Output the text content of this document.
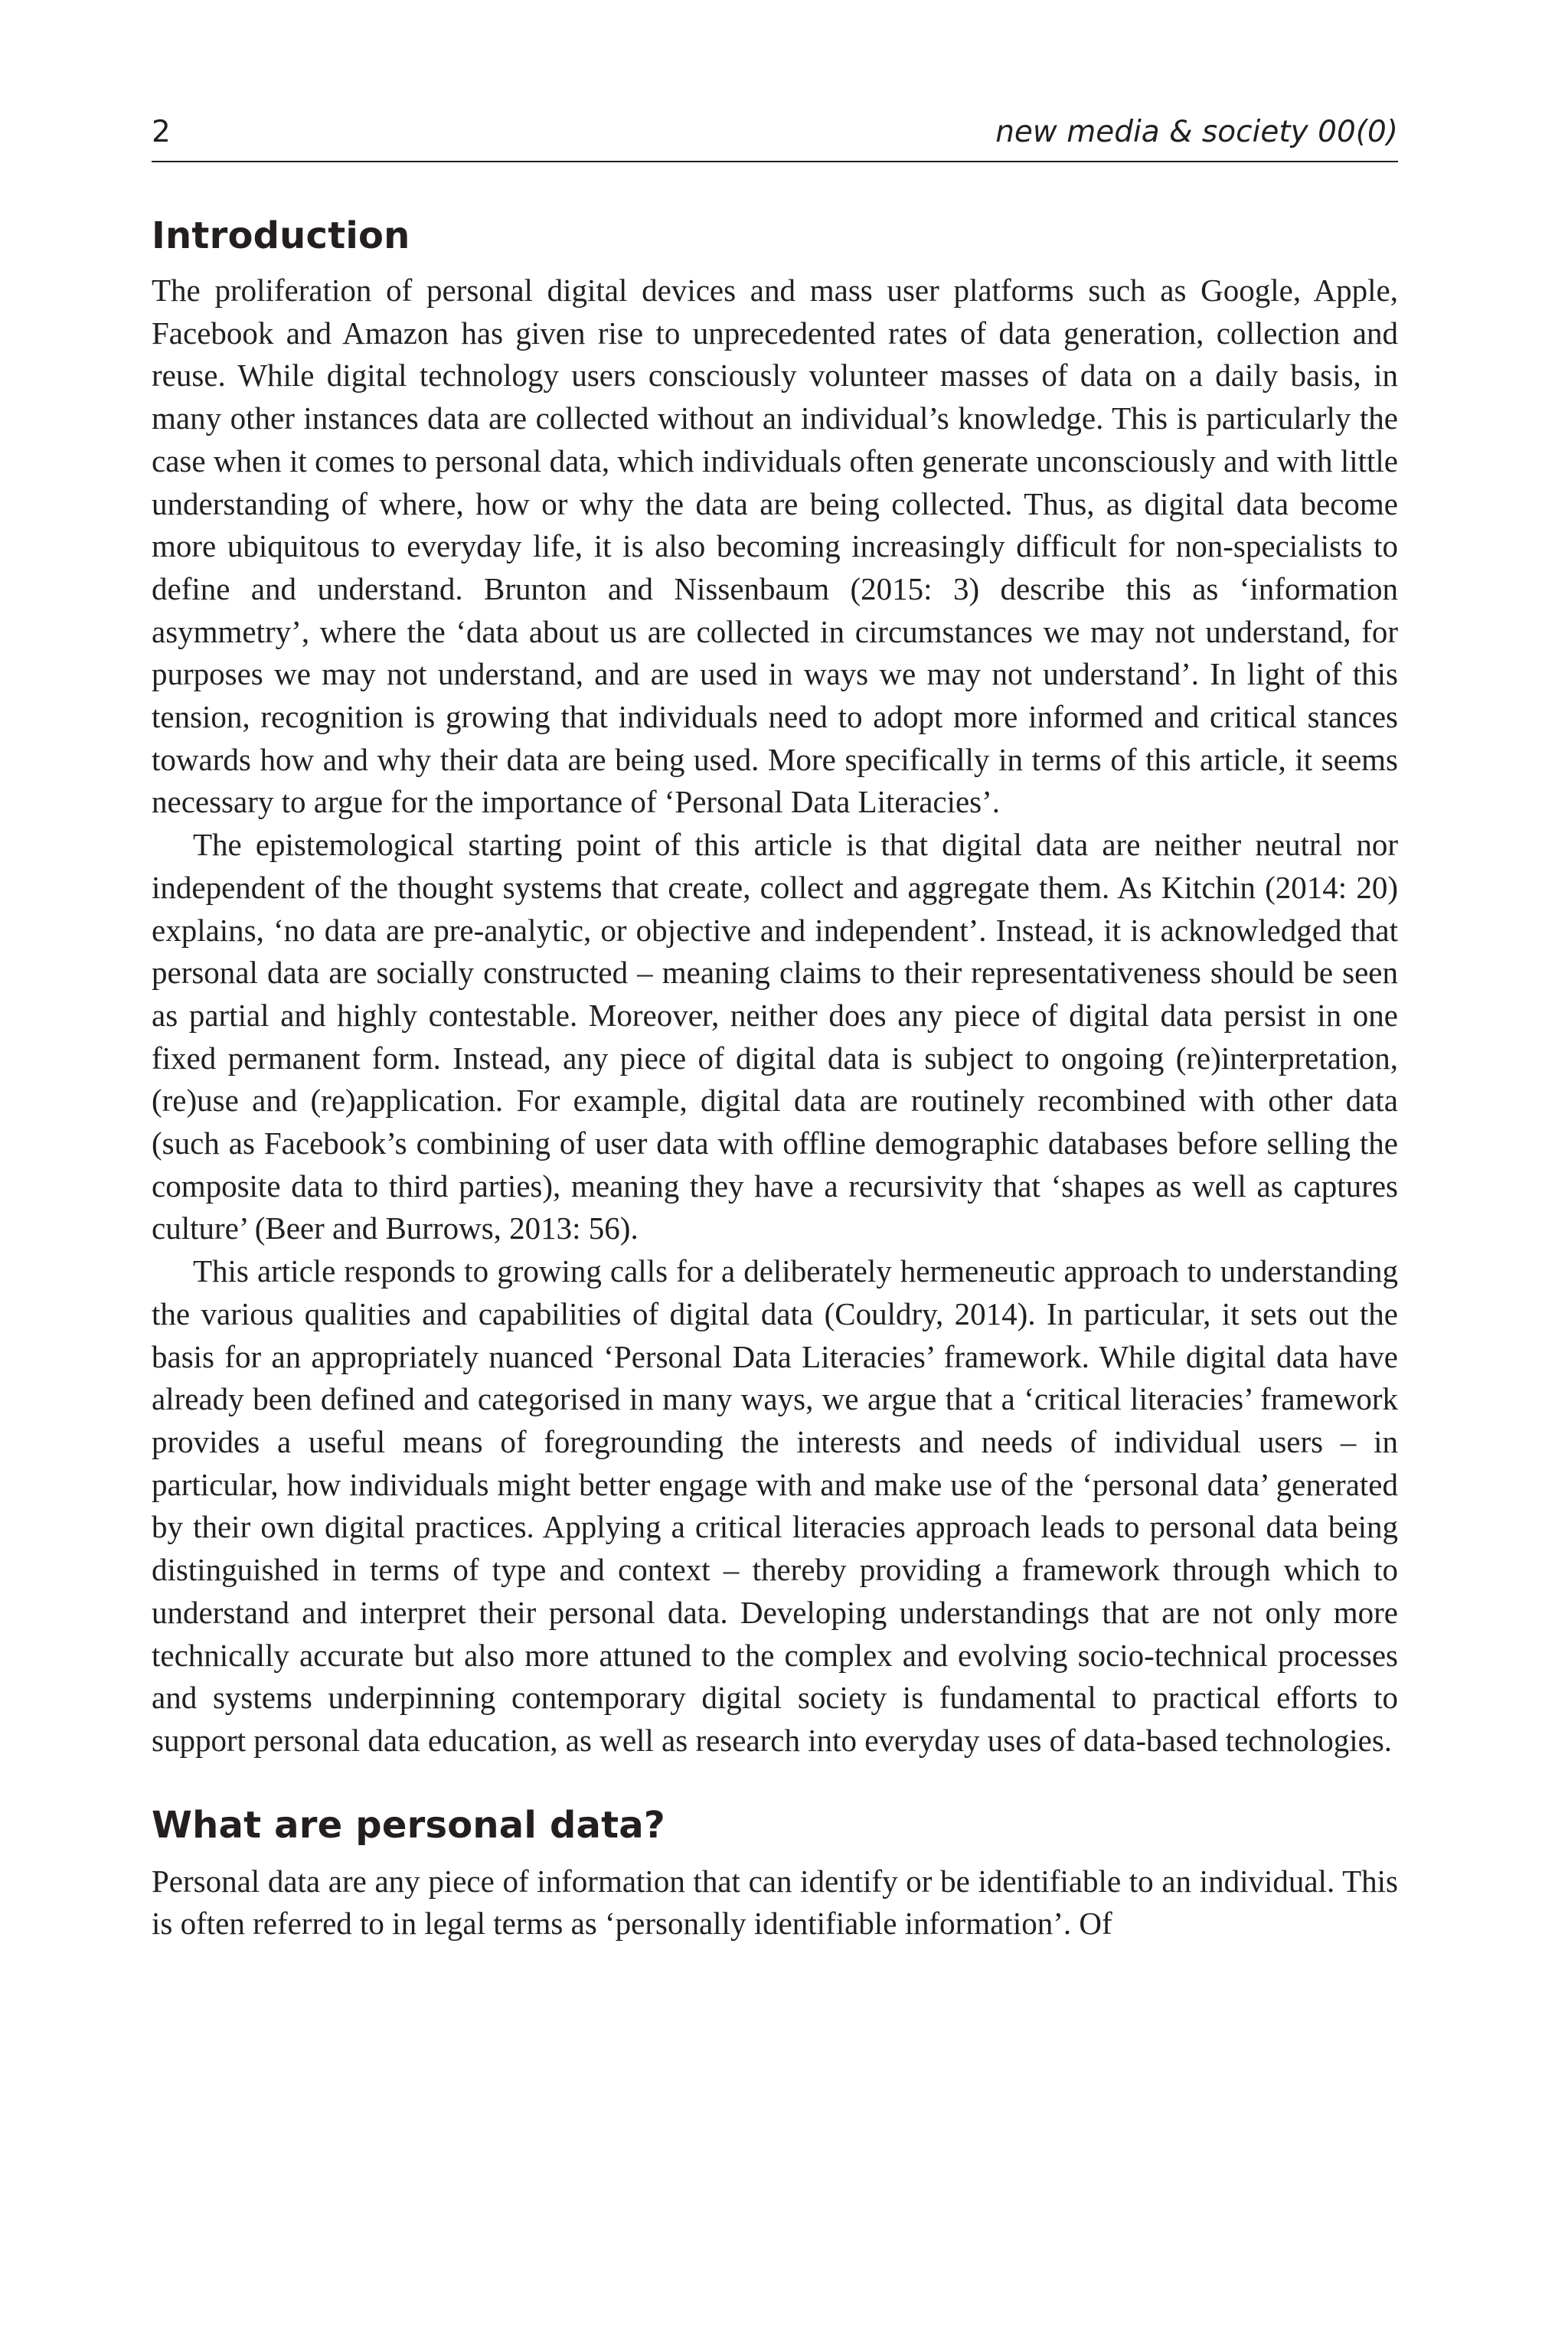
2	new media & society 00(0)
Introduction

The proliferation of personal digital devices and mass user platforms such as Google, Apple, Facebook and Amazon has given rise to unprecedented rates of data generation, collection and reuse. While digital technology users consciously volunteer masses of data on a daily basis, in many other instances data are collected without an individual’s knowledge. This is particularly the case when it comes to personal data, which individuals often generate unconsciously and with little understanding of where, how or why the data are being collected. Thus, as digital data become more ubiquitous to everyday life, it is also becoming increasingly difficult for non-specialists to define and understand. Brunton and Nissenbaum (2015: 3) describe this as ‘information asymmetry’, where the ‘data about us are collected in circumstances we may not understand, for purposes we may not understand, and are used in ways we may not understand’. In light of this tension, recognition is growing that individuals need to adopt more informed and critical stances towards how and why their data are being used. More specifically in terms of this article, it seems necessary to argue for the importance of ‘Personal Data Literacies’.

The epistemological starting point of this article is that digital data are neither neutral nor independent of the thought systems that create, collect and aggregate them. As Kitchin (2014: 20) explains, ‘no data are pre-analytic, or objective and independent’. Instead, it is acknowledged that personal data are socially constructed – meaning claims to their representativeness should be seen as partial and highly contestable. Moreover, neither does any piece of digital data persist in one fixed permanent form. Instead, any piece of digital data is subject to ongoing (re)interpretation, (re)use and (re)application. For example, digital data are routinely recombined with other data (such as Facebook’s combining of user data with offline demographic databases before selling the composite data to third parties), meaning they have a recursivity that ‘shapes as well as captures culture’ (Beer and Burrows, 2013: 56).

This article responds to growing calls for a deliberately hermeneutic approach to understanding the various qualities and capabilities of digital data (Couldry, 2014). In particular, it sets out the basis for an appropriately nuanced ‘Personal Data Literacies’ framework. While digital data have already been defined and categorised in many ways, we argue that a ‘critical literacies’ framework provides a useful means of foregrounding the interests and needs of individual users – in particular, how individuals might better engage with and make use of the ‘personal data’ generated by their own digital practices. Applying a critical literacies approach leads to personal data being distinguished in terms of type and context – thereby providing a framework through which to understand and interpret their personal data. Developing understandings that are not only more technically accurate but also more attuned to the complex and evolving socio-technical processes and systems underpinning contemporary digital society is fundamental to practical efforts to support personal data education, as well as research into everyday uses of data-based technologies.

What are personal data?

Personal data are any piece of information that can identify or be identifiable to an individual. This is often referred to in legal terms as ‘personally identifiable information’. Of
